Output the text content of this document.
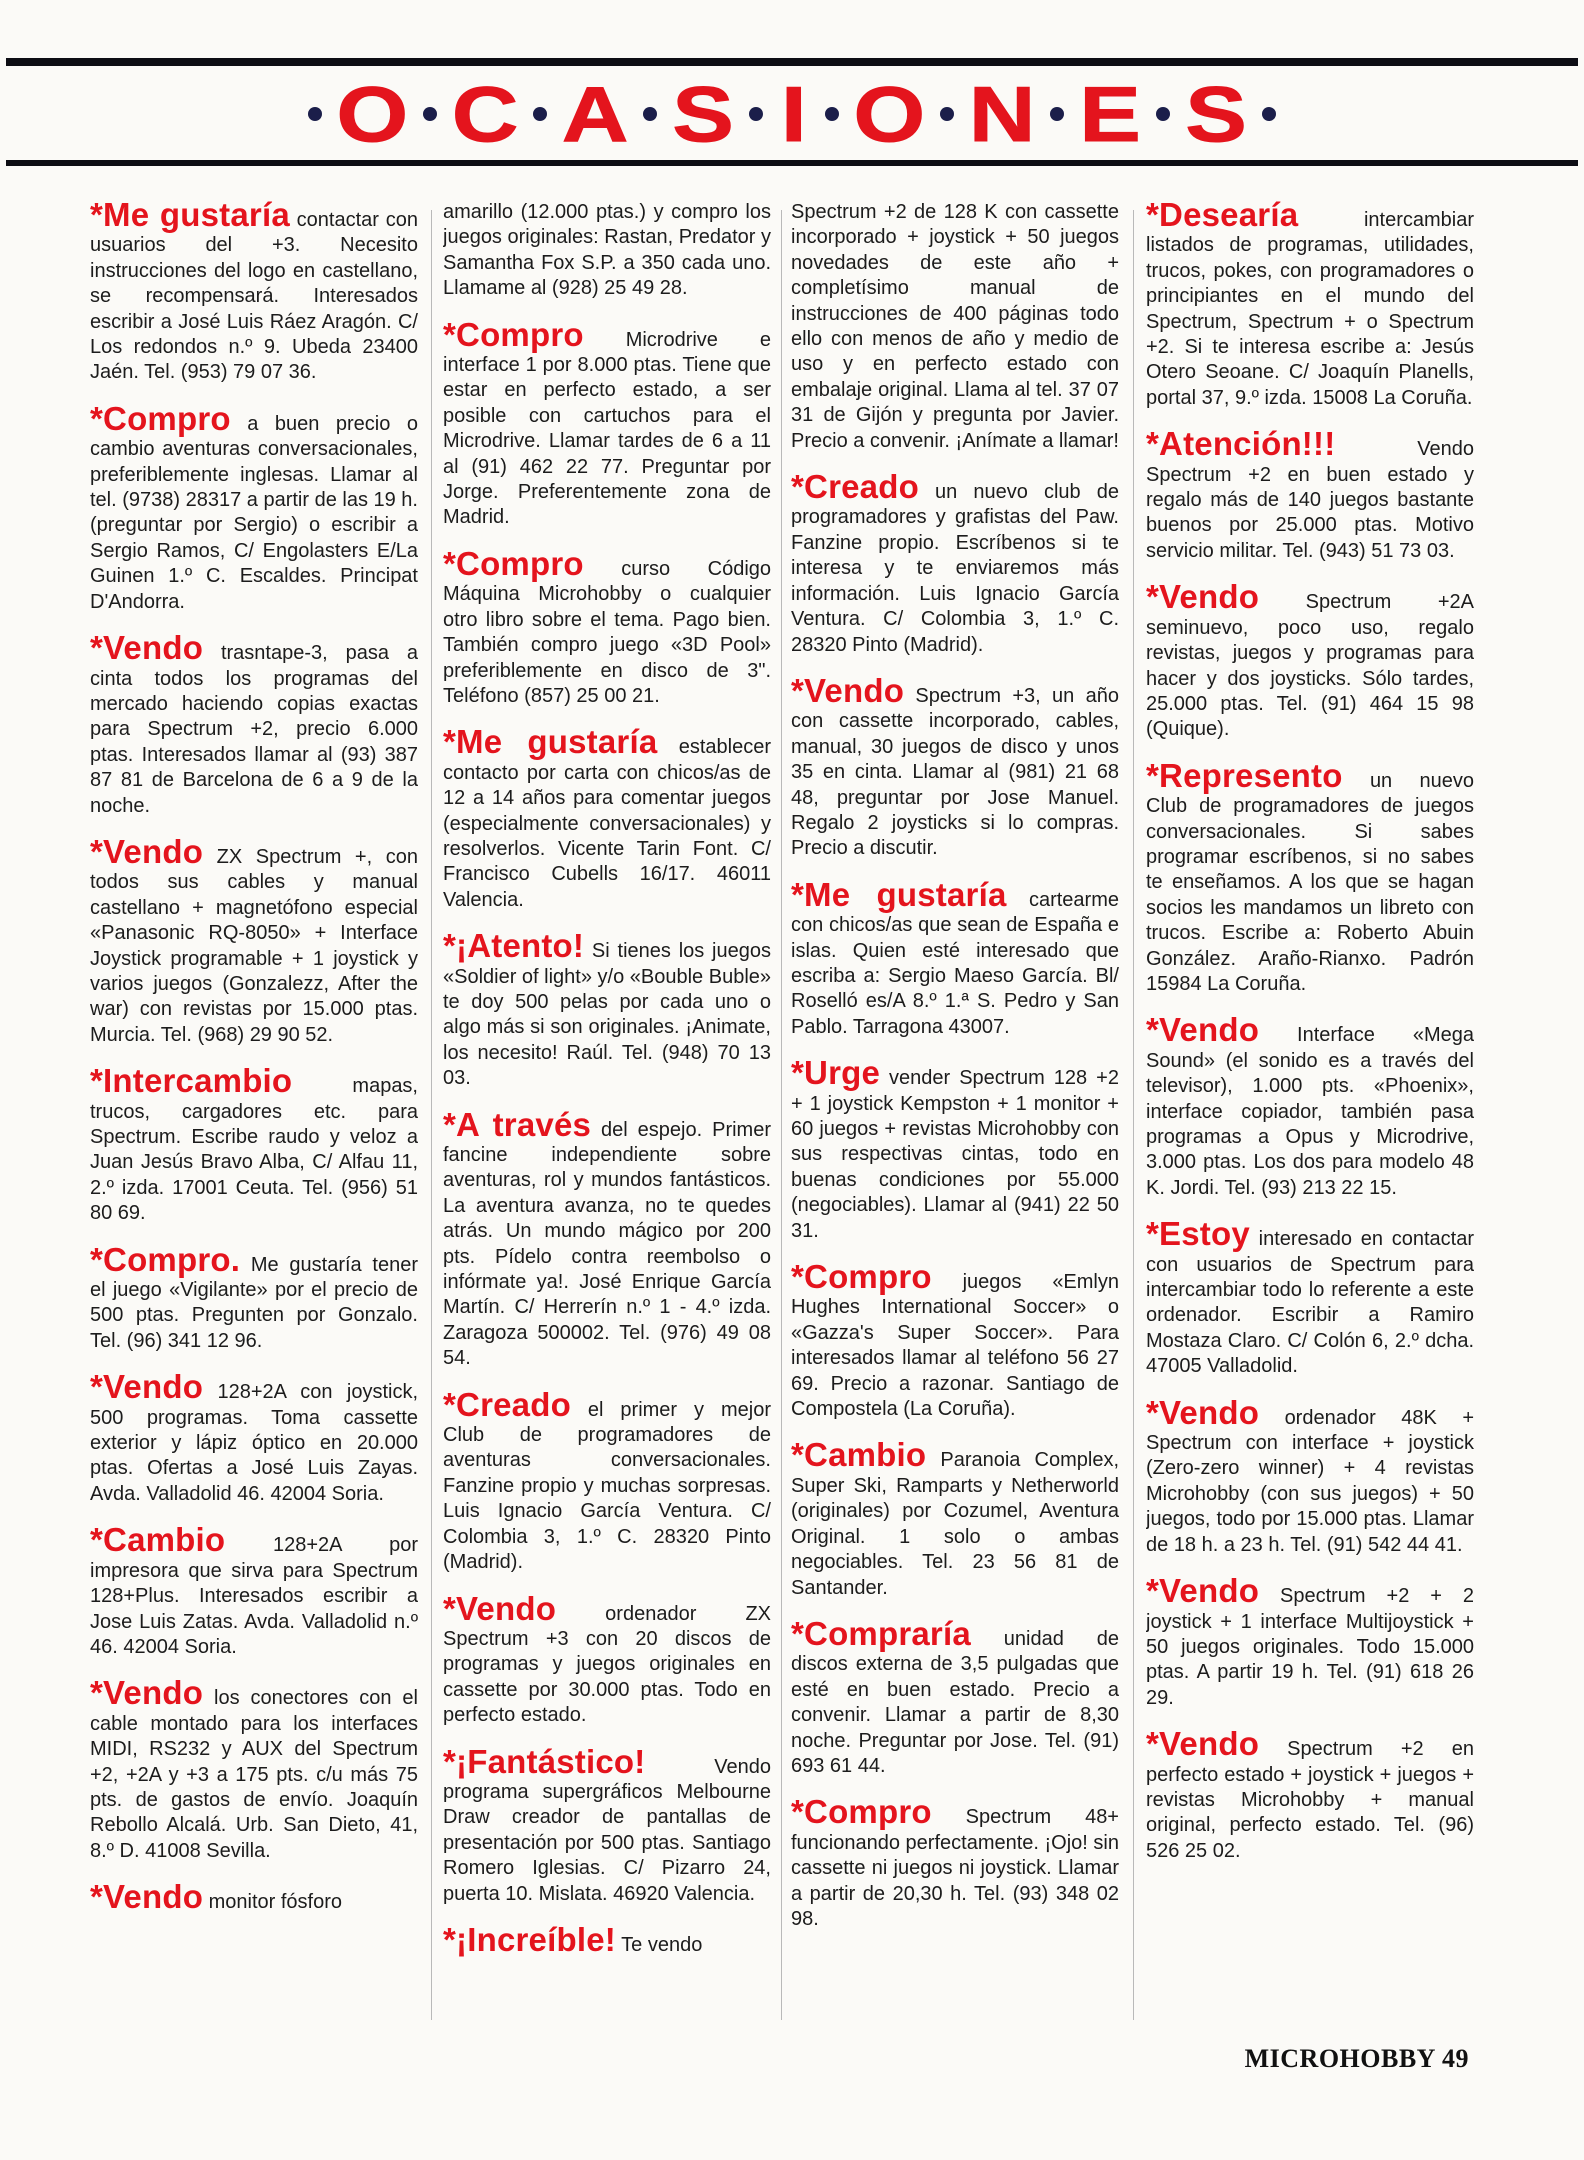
O C A S I O N E S

*Me gustaría contactar con usuarios del +3. Necesito instrucciones del logo en castellano, se recompensará. Interesados escribir a José Luis Ráez Aragón. C/ Los redondos n.º 9. Ubeda 23400 Jaén. Tel. (953) 79 07 36.

*Compro a buen precio o cambio aventuras conversacionales, preferiblemente inglesas. Llamar al tel. (9738) 28317 a partir de las 19 h. (preguntar por Sergio) o escribir a Sergio Ramos, C/ Engolasters E/La Guinen 1.º C. Escaldes. Principat D'Andorra.

*Vendo trasntape-3, pasa a cinta todos los programas del mercado haciendo copias exactas para Spectrum +2, precio 6.000 ptas. Interesados llamar al (93) 387 87 81 de Barcelona de 6 a 9 de la noche.

*Vendo ZX Spectrum +, con todos sus cables y manual castellano + magnetófono especial «Panasonic RQ-8050» + Interface Joystick programable + 1 joystick y varios juegos (Gonzalezz, After the war) con revistas por 15.000 ptas. Murcia. Tel. (968) 29 90 52.

*Intercambio	mapas, trucos, cargadores etc. para Spectrum. Escribe raudo y veloz a Juan Jesús Bravo Alba, C/ Alfau 11, 2.º izda. 17001 Ceuta. Tel. (956) 51 80 69.

*Compro. Me gustaría tener el juego «Vigilante» por el precio de 500 ptas. Pregunten por Gonzalo. Tel. (96) 341 12 96.

*Vendo 128+2A con joystick, 500 programas. Toma cassette exterior y lápiz óptico en 20.000 ptas. Ofertas a José Luis Zayas. Avda. Valladolid 46. 42004 Soria.

*Cambio 128+2A por impresora que sirva para Spectrum 128+Plus. Interesados escribir a Jose Luis Zatas. Avda. Valladolid n.º 46. 42004 Soria.

*Vendo los conectores con el cable montado para los interfaces MIDI, RS232 y AUX del Spectrum +2, +2A y +3 a 175 pts. c/u más 75 pts. de gastos de envío. Joaquín Rebollo Alcalá. Urb. San Dieto, 41, 8.º D. 41008 Sevilla.

*Vendo monitor fósforo

amarillo (12.000 ptas.) y compro los juegos originales: Rastan, Predator y Samantha Fox S.P. a 350 cada uno. Llamame al (928) 25 49 28.

*Compro Microdrive e interface 1 por 8.000 ptas. Tiene que estar en perfecto estado, a ser posible con cartuchos para el Microdrive. Llamar tardes de 6 a 11 al (91) 462 22 77. Preguntar por Jorge. Preferentemente zona de Madrid.

*Compro curso Código Máquina Microhobby o cualquier otro libro sobre el tema. Pago bien. También compro juego «3D Pool» preferiblemente en disco de 3". Teléfono (857) 25 00 21.

*Me gustaría establecer contacto por carta con chicos/as de 12 a 14 años para comentar juegos (especialmente conversacionales) y resolverlos. Vicente Tarin Font. C/ Francisco Cubells 16/17. 46011 Valencia.

*¡Atento! Si tienes los juegos «Soldier of light» y/o «Bouble Buble» te doy 500 pelas por cada uno o algo más si son originales. ¡Animate, los necesito! Raúl. Tel. (948) 70 13 03.

*A través del espejo. Primer fancine independiente sobre aventuras, rol y mundos fantásticos. La aventura avanza, no te quedes atrás. Un mundo mágico por 200 pts. Pídelo contra reembolso o infórmate ya!. José Enrique García Martín. C/ Herrerín n.º 1 - 4.º izda. Zaragoza 500002. Tel. (976) 49 08 54.

*Creado el primer y mejor Club de programadores de aventuras conversacionales. Fanzine propio y muchas sorpresas. Luis Ignacio García Ventura. C/ Colombia 3, 1.º C. 28320 Pinto (Madrid).

*Vendo ordenador ZX Spectrum +3 con 20 discos de programas y juegos originales en cassette por 30.000 ptas. Todo en perfecto estado.

*¡Fantástico!	Vendo programa supergráficos Melbourne Draw creador de pantallas de presentación por 500 ptas. Santiago Romero Iglesias. C/ Pizarro 24, puerta 10. Mislata. 46920 Valencia.

*¡Increíble! Te vendo

Spectrum +2 de 128 K con cassette incorporado + joystick + 50 juegos novedades de este año + completísimo manual de instrucciones de 400 páginas todo ello con menos de año y medio de uso y en perfecto estado con embalaje original. Llama al tel. 37 07 31 de Gijón y pregunta por Javier. Precio a convenir. ¡Anímate a llamar!

*Creado un nuevo club de programadores y grafistas del Paw. Fanzine propio. Escríbenos si te interesa y te enviaremos más información. Luis Ignacio García Ventura. C/ Colombia 3, 1.º C. 28320 Pinto (Madrid).

*Vendo Spectrum +3, un año con cassette incorporado, cables, manual, 30 juegos de disco y unos 35 en cinta. Llamar al (981) 21 68 48, preguntar por Jose Manuel. Regalo 2 joysticks si lo compras. Precio a discutir.

*Me gustaría cartearme con chicos/as que sean de España e islas. Quien esté interesado que escriba a: Sergio Maeso García. Bl/ Roselló es/A 8.º 1.ª S. Pedro y San Pablo. Tarragona 43007.

*Urge vender Spectrum 128 +2 + 1 joystick Kempston + 1 monitor + 60 juegos + revistas Microhobby con sus respectivas cintas, todo en buenas condiciones por 55.000 (negociables). Llamar al (941) 22 50 31.

*Compro juegos «Emlyn Hughes International Soccer» o «Gazza's Super Soccer». Para interesados llamar al teléfono 56 27 69. Precio a razonar. Santiago de Compostela (La Coruña).

*Cambio Paranoia Complex, Super Ski, Ramparts y Netherworld (originales) por Cozumel, Aventura Original. 1 solo o ambas negociables. Tel. 23 56 81 de Santander.

*Compraría unidad de discos externa de 3,5 pulgadas que esté en buen estado. Precio a convenir. Llamar a partir de 8,30 noche. Preguntar por Jose. Tel. (91) 693 61 44.

*Compro Spectrum 48+ funcionando perfectamente. ¡Ojo! sin cassette ni juegos ni joystick. Llamar a partir de 20,30 h. Tel. (93) 348 02 98.

*Desearía	intercambiar listados de programas, utilidades, trucos, pokes, con programadores o principiantes en el mundo del Spectrum, Spectrum + o Spectrum +2. Si te interesa escribe a: Jesús Otero Seoane. C/ Joaquín Planells, portal 37, 9.º izda. 15008 La Coruña.

*Atención!!!	Vendo Spectrum +2 en buen estado y regalo más de 140 juegos bastante buenos por 25.000 ptas. Motivo servicio militar. Tel. (943) 51 73 03.

*Vendo Spectrum +2A seminuevo, poco uso, regalo revistas, juegos y programas para hacer y dos joysticks. Sólo tardes, 25.000 ptas. Tel. (91) 464 15 98 (Quique).

*Represento un nuevo Club de programadores de juegos conversacionales. Si sabes programar escríbenos, si no sabes te enseñamos. A los que se hagan socios les mandamos un libreto con trucos. Escribe a: Roberto Abuin González. Araño-Rianxo. Padrón 15984 La Coruña.

*Vendo Interface «Mega Sound» (el sonido es a través del televisor), 1.000 pts. «Phoenix», interface copiador, también pasa programas a Opus y Microdrive, 3.000 ptas. Los dos para modelo 48 K. Jordi. Tel. (93) 213 22 15.

*Estoy interesado en contactar con usuarios de Spectrum para intercambiar todo lo referente a este ordenador. Escribir a Ramiro Mostaza Claro. C/ Colón 6, 2.º dcha. 47005 Valladolid.

*Vendo ordenador 48K + Spectrum con interface + joystick (Zero-zero winner) + 4 revistas Microhobby (con sus juegos) + 50 juegos, todo por 15.000 ptas. Llamar de 18 h. a 23 h. Tel. (91) 542 44 41.

*Vendo Spectrum +2 + 2 joystick + 1 interface Multijoystick + 50 juegos originales. Todo 15.000 ptas. A partir 19 h. Tel. (91) 618 26 29.

*Vendo Spectrum +2 en perfecto estado + joystick + juegos + revistas Microhobby + manual original, perfecto estado. Tel. (96) 526 25 02.

MICROHOBBY 49
